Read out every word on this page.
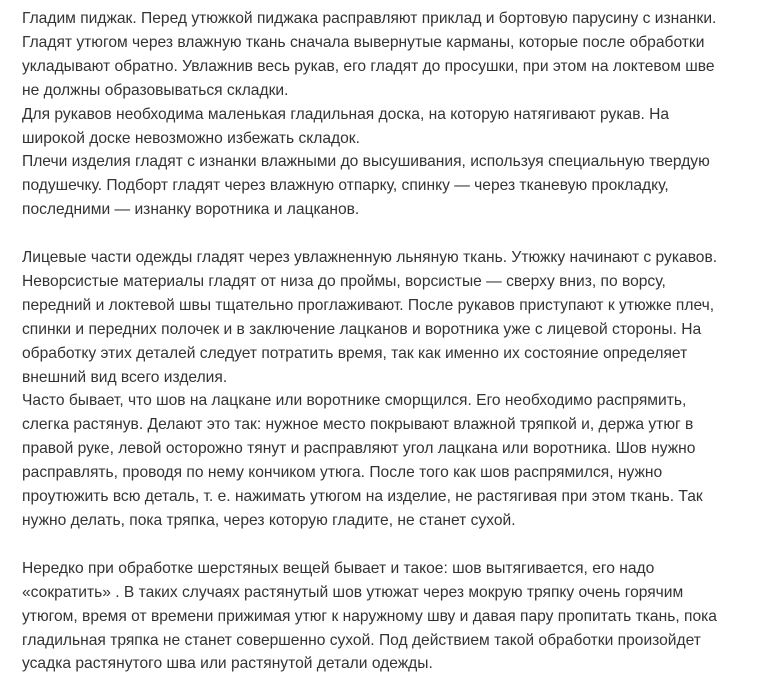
Гладим пиджак. Перед утюжкой пиджака расправляют приклад и бортовую парусину с изнанки.
Гладят утюгом через влажную ткань сначала вывернутые карманы, которые после обработки
укладывают обратно. Увлажнив весь рукав, его гладят до просушки, при этом на локтевом шве
не должны образовываться складки.

Для рукавов необходима маленькая гладильная доска, на которую натягивают рукав. На
широкой доске невозможно избежать складок.

Плечи изделия гладят с изнанки влажными до высушивания, используя специальную твердую
подушечку. Подборт гладят через влажную отпарку, спинку — через тканевую прокладку,
последними — изнанку воротника и лацканов.

Лицевые части одежды гладят через увлажненную льняную ткань. Утюжку начинают с рукавов.
Неворсистые материалы гладят от низа до проймы, ворсистые — сверху вниз, по ворсу,
передний и локтевой швы тщательно проглаживают. После рукавов приступают к утюжке плеч,
спинки и передних полочек и в заключение лацканов и воротника уже с лицевой стороны. На
обработку этих деталей следует потратить время, так как именно их состояние определяет
внешний вид всего изделия.

Часто бывает, что шов на лацкане или воротнике сморщился. Его необходимо распрямить,
слегка растянув. Делают это так: нужное место покрывают влажной тряпкой и, держа утюг в
правой руке, левой осторожно тянут и расправляют угол лацкана или воротника. Шов нужно
расправлять, проводя по нему кончиком утюга. После того как шов распрямился, нужно
проутюжить всю деталь, т. е. нажимать утюгом на изделие, не растягивая при этом ткань. Так
нужно делать, пока тряпка, через которую гладите, не станет сухой.

Нередко при обработке шерстяных вещей бывает и такое: шов вытягивается, его надо
«сократить» . В таких случаях растянутый шов утюжат через мокрую тряпку очень горячим
утюгом, время от времени прижимая утюг к наружному шву и давая пару пропитать ткань, пока
гладильная тряпка не станет совершенно сухой. Под действием такой обработки произойдет
усадка растянутого шва или растянутой детали одежды.
